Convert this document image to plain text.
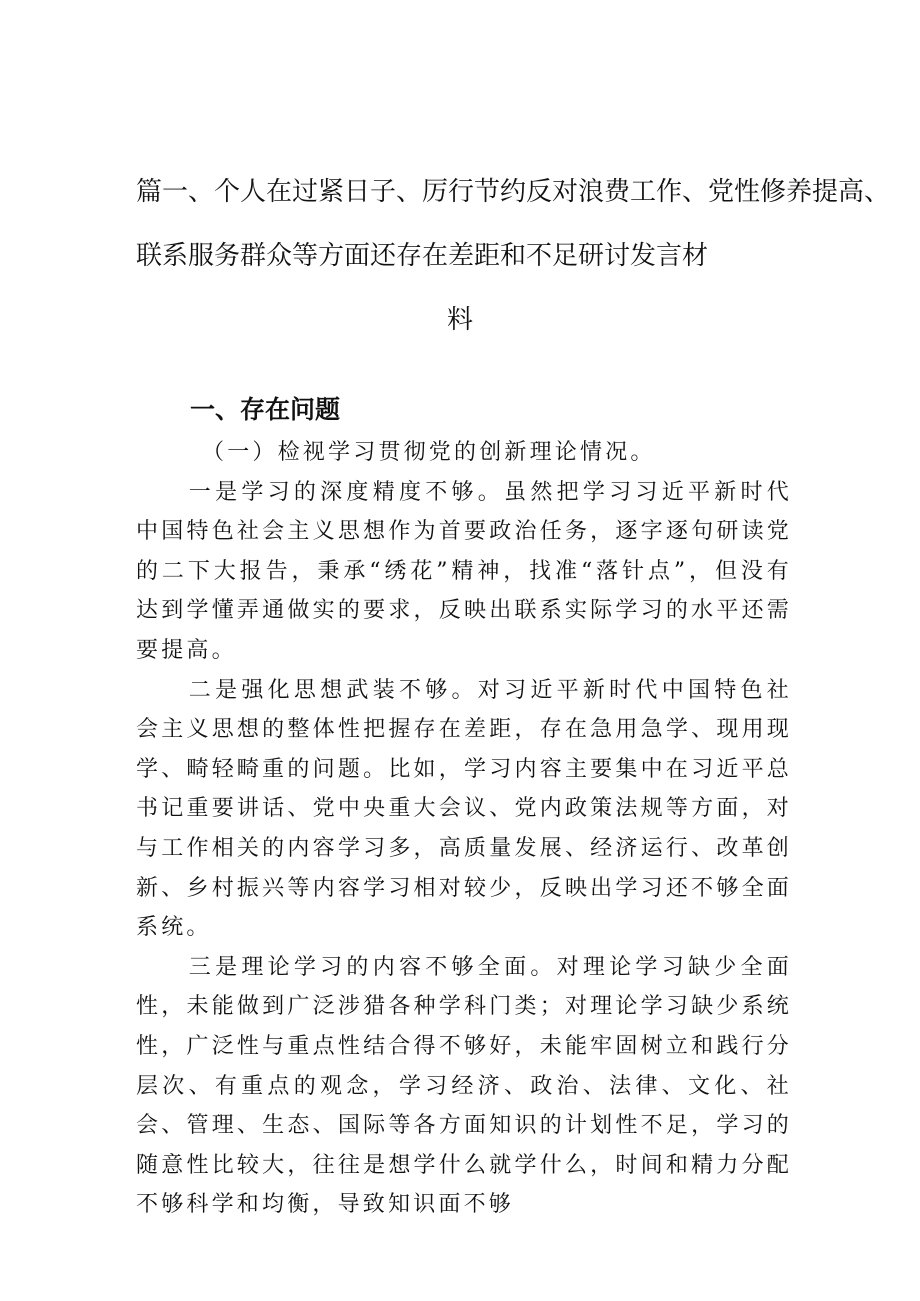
篇一、个人在过紧日子、厉行节约反对浪费工作、党性修养提高、
联系服务群众等方面还存在差距和不足研讨发言材
料
一、存在问题

（一）检视学习贯彻党的创新理论情况。

一是学习的深度精度不够。虽然把学习习近平新时代中国特色社会主义思想作为首要政治任务，逐字逐句研读党的二下大报告，秉承“绣花”精神，找准“落针点”，但没有达到学懂弄通做实的要求，反映出联系实际学习的水平还需要提高。

二是强化思想武装不够。对习近平新时代中国特色社会主义思想的整体性把握存在差距，存在急用急学、现用现学、畸轻畸重的问题。比如，学习内容主要集中在习近平总书记重要讲话、党中央重大会议、党内政策法规等方面，对与工作相关的内容学习多，高质量发展、经济运行、改革创新、乡村振兴等内容学习相对较少，反映出学习还不够全面系统。

三是理论学习的内容不够全面。对理论学习缺少全面性，未能做到广泛涉猎各种学科门类；对理论学习缺少系统性，广泛性与重点性结合得不够好，未能牢固树立和践行分层次、有重点的观念，学习经济、政治、法律、文化、社会、管理、生态、国际等各方面知识的计划性不足，学习的随意性比较大，往往是想学什么就学什么，时间和精力分配不够科学和均衡，导致知识面不够
